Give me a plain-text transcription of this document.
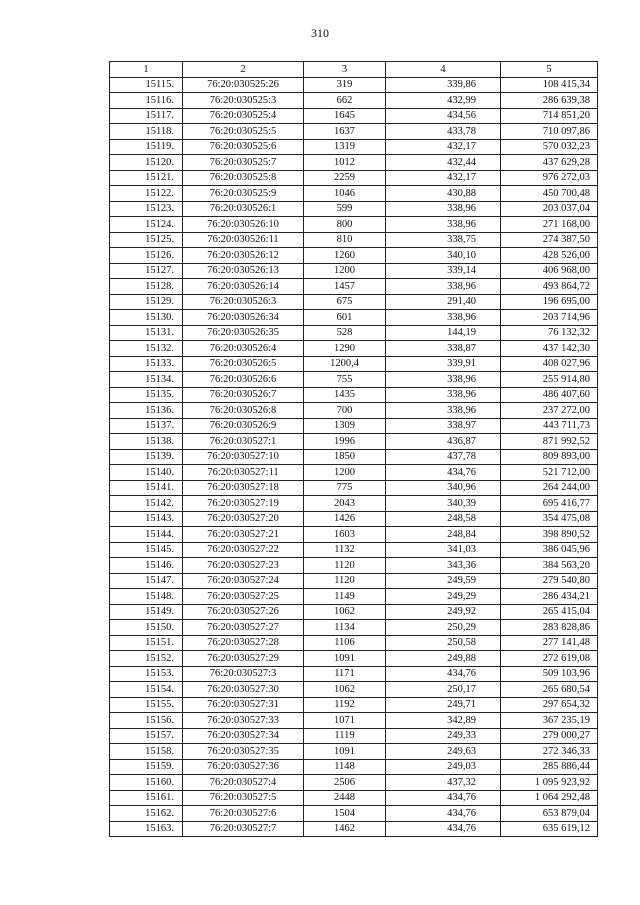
310
1	2	3	4	5
15115.	76:20:030525:26	319	339,86	108 415,34
15116.	76:20:030525:3	662	432,99	286 639,38
15117.	76:20:030525:4	1645	434,56	714 851,20
15118.	76:20:030525:5	1637	433,78	710 097,86
15119.	76:20:030525:6	1319	432,17	570 032,23
15120.	76:20:030525:7	1012	432,44	437 629,28
15121.	76:20:030525:8	2259	432,17	976 272,03
15122.	76:20:030525:9	1046	430,88	450 700,48
15123.	76:20:030526:1	599	338,96	203 037,04
15124.	76:20:030526:10	800	338,96	271 168,00
15125.	76:20:030526:11	810	338,75	274 387,50
15126.	76:20:030526:12	1260	340,10	428 526,00
15127.	76:20:030526:13	1200	339,14	406 968,00
15128.	76:20:030526:14	1457	338,96	493 864,72
15129.	76:20:030526:3	675	291,40	196 695,00
15130.	76:20:030526:34	601	338,96	203 714,96
15131.	76:20:030526:35	528	144,19	76 132,32
15132.	76:20:030526:4	1290	338,87	437 142,30
15133.	76:20:030526:5	1200,4	339,91	408 027,96
15134.	76:20:030526:6	755	338,96	255 914,80
15135.	76:20:030526:7	1435	338,96	486 407,60
15136.	76:20:030526:8	700	338,96	237 272,00
15137.	76:20:030526:9	1309	338,97	443 711,73
15138.	76:20:030527:1	1996	436,87	871 992,52
15139.	76:20:030527:10	1850	437,78	809 893,00
15140.	76:20:030527:11	1200	434,76	521 712,00
15141.	76:20:030527:18	775	340,96	264 244,00
15142.	76:20:030527:19	2043	340,39	695 416,77
15143.	76:20:030527:20	1426	248,58	354 475,08
15144.	76:20:030527:21	1603	248,84	398 890,52
15145.	76:20:030527:22	1132	341,03	386 045,96
15146.	76:20:030527:23	1120	343,36	384 563,20
15147.	76:20:030527:24	1120	249,59	279 540,80
15148.	76:20:030527:25	1149	249,29	286 434,21
15149.	76:20:030527:26	1062	249,92	265 415,04
15150.	76:20:030527:27	1134	250,29	283 828,86
15151.	76:20:030527:28	1106	250,58	277 141,48
15152.	76:20:030527:29	1091	249,88	272 619,08
15153.	76:20:030527:3	1171	434,76	509 103,96
15154.	76:20:030527:30	1062	250,17	265 680,54
15155.	76:20:030527:31	1192	249,71	297 654,32
15156.	76:20:030527:33	1071	342,89	367 235,19
15157.	76:20:030527:34	1119	249,33	279 000,27
15158.	76:20:030527:35	1091	249,63	272 346,33
15159.	76:20:030527:36	1148	249,03	285 886,44
15160.	76:20:030527:4	2506	437,32	1 095 923,92
15161.	76:20:030527:5	2448	434,76	1 064 292,48
15162.	76:20:030527:6	1504	434,76	653 879,04
15163.	76:20:030527:7	1462	434,76	635 619,12
